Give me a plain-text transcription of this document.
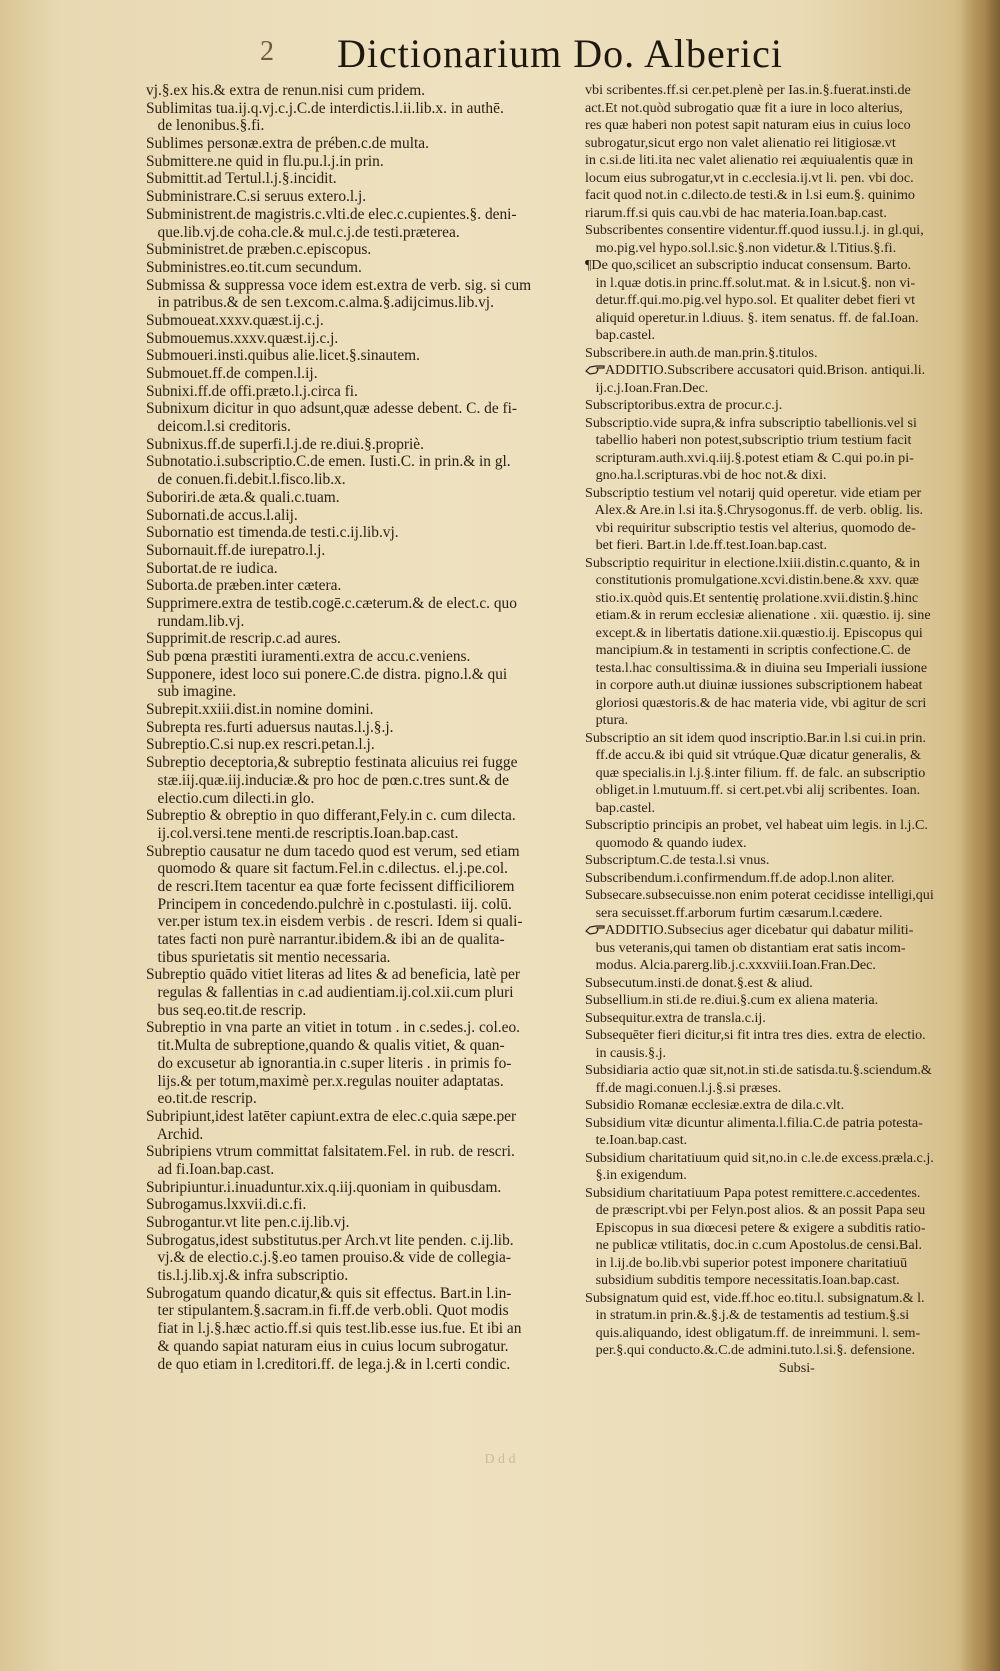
2 Dictionarium Do. Alberici
vj.§.ex his.& extra de renun.nisi cum pridem.
Sublimitas tua.ij.q.vj.c.j.C.de interdictis.l.ii.lib.x. in authē.
de lenonibus.§.fi.
Sublimes personæ.extra de prében.c.de multa.
Submittere.ne quid in flu.pu.l.j.in prin.
Submittit.ad Tertul.l.j.§.incidit.
Subministrare.C.si seruus extero.l.j.
Subministrent.de magistris.c.vlti.de elec.c.cupientes.§. deni-
que.lib.vj.de coha.cle.& mul.c.j.de testi.præterea.
Subministret.de præben.c.episcopus.
Subministres.eo.tit.cum secundum.
Submissa & suppressa voce idem est.extra de verb. sig. si cum
in patribus.& de sen t.excom.c.alma.§.adijcimus.lib.vj.
Submoueat.xxxv.quæst.ij.c.j.
Submouemus.xxxv.quæst.ij.c.j.
Submoueri.insti.quibus alie.licet.§.sinautem.
Submouet.ff.de compen.l.ij.
Subnixi.ff.de offi.præto.l.j.circa fi.
Subnixum dicitur in quo adsunt,quæ adesse debent. C. de fi-
deicom.l.si creditoris.
Subnixus.ff.de superfi.l.j.de re.diui.§.propriè.
Subnotatio.i.subscriptio.C.de emen. Iusti.C. in prin.& in gl.
de conuen.fi.debit.l.fisco.lib.x.
Suboriri.de æta.& quali.c.tuam.
Subornati.de accus.l.alij.
Subornatio est timenda.de testi.c.ij.lib.vj.
Subornauit.ff.de iurepatro.l.j.
Subortat.de re iudica.
Suborta.de præben.inter cætera.
Supprimere.extra de testib.cogē.c.cæterum.& de elect.c. quo
rundam.lib.vj.
Supprimit.de rescrip.c.ad aures.
Sub pœna præstiti iuramenti.extra de accu.c.veniens.
Supponere, idest loco sui ponere.C.de distra. pigno.l.& qui
sub imagine.
Subrepit.xxiii.dist.in nomine domini.
Subrepta res.furti aduersus nautas.l.j.§.j.
Subreptio.C.si nup.ex rescri.petan.l.j.
Subreptio deceptoria,& subreptio festinata alicuius rei fugge
stæ.iij.quæ.iij.induciæ.& pro hoc de pœn.c.tres sunt.& de
electio.cum dilecti.in glo.
Subreptio & obreptio in quo differant,Fely.in c. cum dilecta.
ij.col.versi.tene menti.de rescriptis.Ioan.bap.cast.
Subreptio causatur ne dum tacedo quod est verum, sed etiam
quomodo & quare sit factum.Fel.in c.dilectus. el.j.pe.col.
de rescri.Item tacentur ea quæ forte fecissent difficiliorem
Principem in concedendo.pulchrè in c.postulasti. iij. colū.
ver.per istum tex.in eisdem verbis . de rescri. Idem si quali-
tates facti non purè narrantur.ibidem.& ibi an de qualita-
tibus spurietatis sit mentio necessaria.
Subreptio quādo vitiet literas ad lites & ad beneficia, latè per
regulas & fallentias in c.ad audientiam.ij.col.xii.cum pluri
bus seq.eo.tit.de rescrip.
Subreptio in vna parte an vitiet in totum . in c.sedes.j. col.eo.
tit.Multa de subreptione,quando & qualis vitiet, & quan-
do excusetur ab ignorantia.in c.super literis . in primis fo-
lijs.& per totum,maximè per.x.regulas nouiter adaptatas.
eo.tit.de rescrip.
Subripiunt,idest latēter capiunt.extra de elec.c.quia sæpe.per
Archid.
Subripiens vtrum committat falsitatem.Fel. in rub. de rescri.
ad fi.Ioan.bap.cast.
Subripiuntur.i.inuaduntur.xix.q.iij.quoniam in quibusdam.
Subrogamus.lxxvii.di.c.fi.
Subrogantur.vt lite pen.c.ij.lib.vj.
Subrogatus,idest substitutus.per Arch.vt lite penden. c.ij.lib.
vj.& de electio.c.j.§.eo tamen prouiso.& vide de collegia-
tis.l.j.lib.xj.& infra subscriptio.
Subrogatum quando dicatur,& quis sit effectus. Bart.in l.in-
ter stipulantem.§.sacram.in fi.ff.de verb.obli. Quot modis
fiat in l.j.§.hæc actio.ff.si quis test.lib.esse ius.fue. Et ibi an
& quando sapiat naturam eius in cuius locum subrogatur.
de quo etiam in l.creditori.ff. de lega.j.& in l.certi condic.
vbi scribentes.ff.si cer.pet.plenè per Ias.in.§.fuerat.insti.de
act.Et not.quòd subrogatio quæ fit a iure in loco alterius,
res quæ haberi non potest sapit naturam eius in cuius loco
subrogatur,sicut ergo non valet alienatio rei litigiosæ.vt
in c.si.de liti.ita nec valet alienatio rei æquiualentis quæ in
locum eius subrogatur,vt in c.ecclesia.ij.vt li. pen. vbi doc.
facit quod not.in c.dilecto.de testi.& in l.si eum.§. quinimo
riarum.ff.si quis cau.vbi de hac materia.Ioan.bap.cast.
Subscribentes consentire videntur.ff.quod iussu.l.j. in gl.qui,
mo.pig.vel hypo.sol.l.sic.§.non videtur.& l.Titius.§.fi.
¶De quo,scilicet an subscriptio inducat consensum. Barto.
in l.quæ dotis.in princ.ff.solut.mat. & in l.sicut.§. non vi-
detur.ff.qui.mo.pig.vel hypo.sol. Et qualiter debet fieri vt
aliquid operetur.in l.diuus. §. item senatus. ff. de fal.Ioan.
bap.castel.
Subscribere.in auth.de man.prin.§.titulos.
ADDITIO.Subscribere accusatori quid.Brison. antiqui.li.
ij.c.j.Ioan.Fran.Dec.
Subscriptoribus.extra de procur.c.j.
Subscriptio.vide supra,& infra subscriptio tabellionis.vel si
tabellio haberi non potest,subscriptio trium testium facit
scripturam.auth.xvi.q.iij.§.potest etiam & C.qui po.in pi-
gno.ha.l.scripturas.vbi de hoc not.& dixi.
Subscriptio testium vel notarij quid operetur. vide etiam per
Alex.& Are.in l.si ita.§.Chrysogonus.ff. de verb. oblig. lis.
vbi requiritur subscriptio testis vel alterius, quomodo de-
bet fieri. Bart.in l.de.ff.test.Ioan.bap.cast.
Subscriptio requiritur in electione.lxiii.distin.c.quanto, & in
constitutionis promulgatione.xcvi.distin.bene.& xxv. quæ
stio.ix.quòd quis.Et sententię prolatione.xvii.distin.§.hinc
etiam.& in rerum ecclesiæ alienatione . xii. quæstio. ij. sine
except.& in libertatis datione.xii.quæstio.ij. Episcopus qui
mancipium.& in testamenti in scriptis confectione.C. de
testa.l.hac consultissima.& in diuina seu Imperiali iussione
in corpore auth.ut diuinæ iussiones subscriptionem habeat
gloriosi quæstoris.& de hac materia vide, vbi agitur de scri
ptura.
Subscriptio an sit idem quod inscriptio.Bar.in l.si cui.in prin.
ff.de accu.& ibi quid sit vtrúque.Quæ dicatur generalis, &
quæ specialis.in l.j.§.inter filium. ff. de falc. an subscriptio
obliget.in l.mutuum.ff. si cert.pet.vbi alij scribentes. Ioan.
bap.castel.
Subscriptio principis an probet, vel habeat uim legis. in l.j.C.
quomodo & quando iudex.
Subscriptum.C.de testa.l.si vnus.
Subscribendum.i.confirmendum.ff.de adop.l.non aliter.
Subsecare.subsecuisse.non enim poterat cecidisse intelligi,qui
sera secuisset.ff.arborum furtim cæsarum.l.cædere.
ADDITIO.Subsecius ager dicebatur qui dabatur militi-
bus veteranis,qui tamen ob distantiam erat satis incom-
modus. Alcia.parerg.lib.j.c.xxxviii.Ioan.Fran.Dec.
Subsecutum.insti.de donat.§.est & aliud.
Subsellium.in sti.de re.diui.§.cum ex aliena materia.
Subsequitur.extra de transla.c.ij.
Subsequēter fieri dicitur,si fit intra tres dies. extra de electio.
in causis.§.j.
Subsidiaria actio quæ sit,not.in sti.de satisda.tu.§.sciendum.&
ff.de magi.conuen.l.j.§.si præses.
Subsidio Romanæ ecclesiæ.extra de dila.c.vlt.
Subsidium vitæ dicuntur alimenta.l.filia.C.de patria potesta-
te.Ioan.bap.cast.
Subsidium charitatiuum quid sit,no.in c.le.de excess.præla.c.j.
§.in exigendum.
Subsidium charitatiuum Papa potest remittere.c.accedentes.
de præscript.vbi per Felyn.post alios. & an possit Papa seu
Episcopus in sua diœcesi petere & exigere a subditis ratio-
ne publicæ vtilitatis, doc.in c.cum Apostolus.de censi.Bal.
in l.ij.de bo.lib.vbi superior potest imponere charitatiuū
subsidium subditis tempore necessitatis.Ioan.bap.cast.
Subsignatum quid est, vide.ff.hoc eo.titu.l. subsignatum.& l.
in stratum.in prin.&.§.j.& de testamentis ad testium.§.si
quis.aliquando, idest obligatum.ff. de inreimmuni. l. sem-
per.§.qui conducto.&.C.de admini.tuto.l.si.§. defensione.
Subsi-
D d d
